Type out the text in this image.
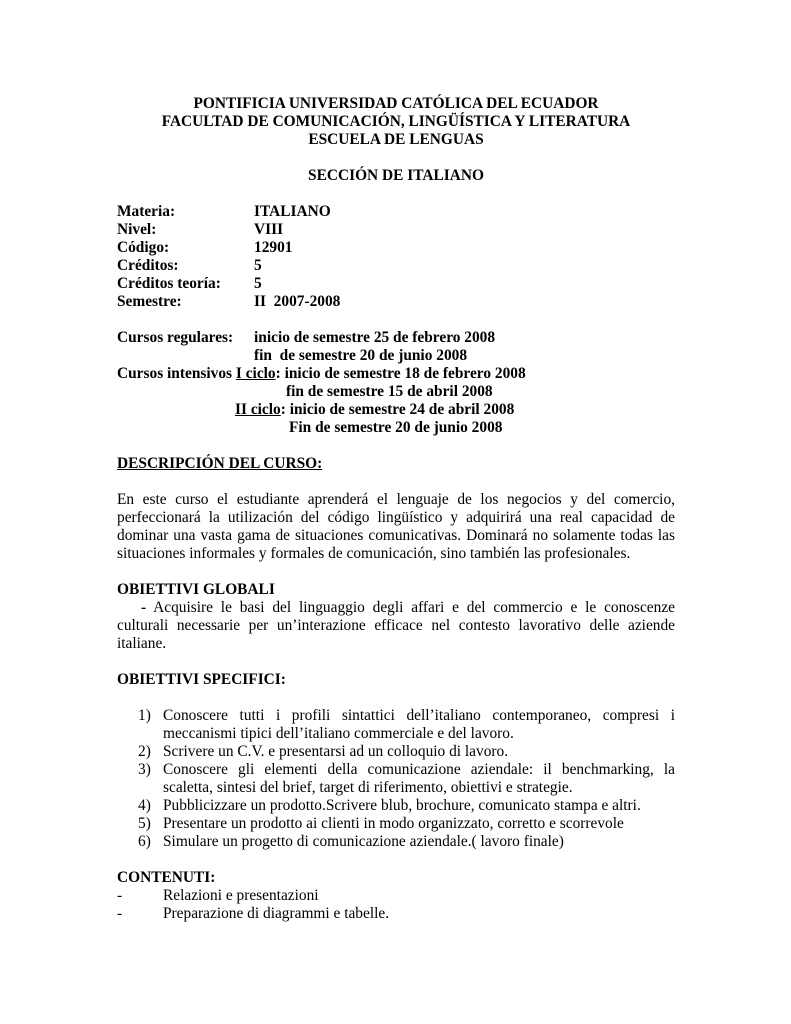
PONTIFICIA UNIVERSIDAD CATÓLICA DEL ECUADOR
FACULTAD DE COMUNICACIÓN, LINGÜÍSTICA Y LITERATURA
ESCUELA DE LENGUAS
SECCIÓN DE ITALIANO
Materia:	ITALIANO
Nivel:	VIII
Código:	12901
Créditos:	5
Créditos teoría:	5
Semestre:	II  2007-2008
Cursos regulares: inicio de semestre 25 de febrero 2008
fin  de semestre 20 de junio 2008
Cursos intensivos I ciclo: inicio de semestre 18 de febrero 2008
fin de semestre 15 de abril 2008
II ciclo: inicio de semestre 24 de abril 2008
Fin de semestre 20 de junio 2008
DESCRIPCIÓN DEL CURSO:

En este curso el estudiante aprenderá el lenguaje de los negocios y del comercio, perfeccionará la utilización del código lingüístico y adquirirá una real capacidad de dominar una vasta gama de situaciones comunicativas. Dominará no solamente todas las situaciones informales y formales de comunicación, sino también las profesionales.

OBIETTIVI GLOBALI

- Acquisire le basi del linguaggio degli affari e del commercio e le conoscenze culturali necessarie per un’interazione efficace nel contesto lavorativo delle aziende italiane.

OBIETTIVI SPECIFICI:
1) Conoscere tutti i profili sintattici dell’italiano contemporaneo, compresi i meccanismi tipici dell’italiano commerciale e del lavoro.
2) Scrivere un C.V. e presentarsi ad un colloquio di lavoro.
3) Conoscere gli elementi della comunicazione aziendale: il benchmarking, la scaletta, sintesi del brief, target di riferimento, obiettivi e strategie.
4) Pubblicizzare un prodotto.Scrivere blub, brochure, comunicato stampa e altri.
5) Presentare un prodotto ai clienti in modo organizzato, corretto e scorrevole
6) Simulare un progetto di comunicazione aziendale.( lavoro finale)
CONTENUTI:
-	Relazioni e presentazioni
-	Preparazione di diagrammi e tabelle.
